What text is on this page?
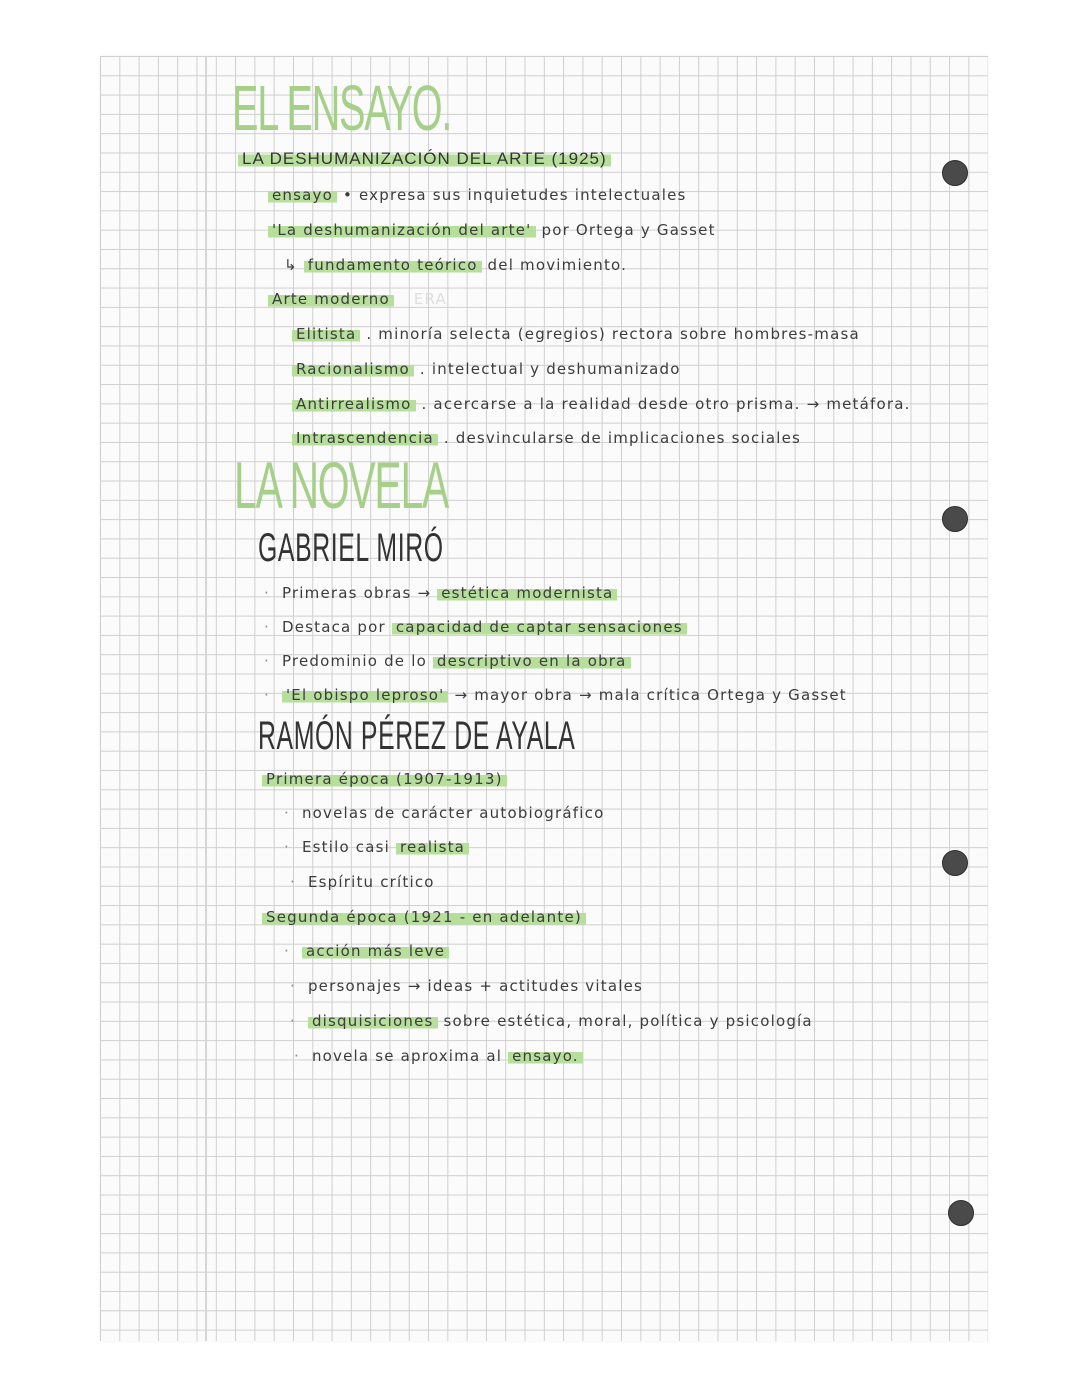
EL ENSAYO.
LA DESHUMANIZACIÓN DEL ARTE (1925)
ensayo • expresa sus inquietudes intelectuales
'La deshumanización del arte' por Ortega y Gasset
↳ fundamento teórico del movimiento.
Arte moderno ERA
Elitista . minoría selecta (egregios) rectora sobre hombres-masa
Racionalismo . intelectual y deshumanizado
Antirrealismo . acercarse a la realidad desde otro prisma. → metáfora.
Intrascendencia . desvincularse de implicaciones sociales
LA NOVELA
GABRIEL MIRÓ
· Primeras obras → estética modernista
· Destaca por capacidad de captar sensaciones
· Predominio de lo descriptivo en la obra
· 'El obispo leproso' → mayor obra → mala crítica Ortega y Gasset
RAMÓN PÉREZ DE AYALA
Primera época (1907-1913)
· novelas de carácter autobiográfico
· Estilo casi realista
· Espíritu crítico
Segunda época (1921 - en adelante)
· acción más leve
· personajes → ideas + actitudes vitales
· disquisiciones sobre estética, moral, política y psicología
· novela se aproxima al ensayo.
